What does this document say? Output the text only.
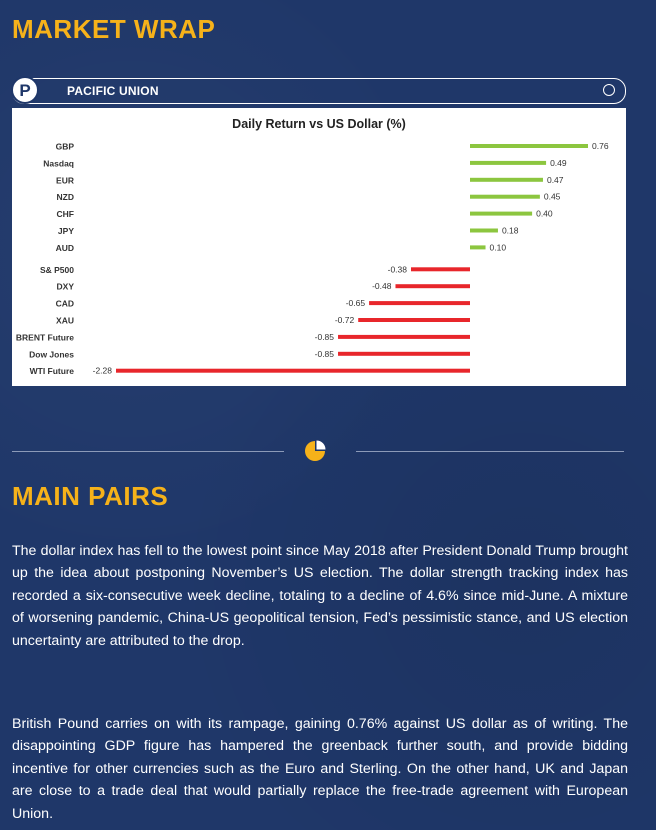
MARKET WRAP
P	PACIFIC UNION
Daily Return vs US Dollar (%)
GBP	0.76
Nasdaq	0.49
EUR	0.47
NZD	0.45
CHF	0.40
JPY	0.18
AUD	0.10
S& P500	-0.38
DXY	-0.48
CAD	-0.65
XAU	-0.72
BRENT Future	-0.85
Dow Jones	-0.85
WTI Future -2.28
MAIN PAIRS

The dollar index has fell to the lowest point since May 2018 after President Donald Trump brought up the idea about postponing November’s US election. The dollar strength tracking index has recorded a six-consecutive week decline, totaling to a decline of 4.6% since mid-June. A mixture of worsening pandemic, China-US geopolitical tension, Fed’s pessimistic stance, and US election uncertainty are attributed to the drop.

British Pound carries on with its rampage, gaining 0.76% against US dollar as of writing. The disappointing GDP figure has hampered the greenback further south, and provide bidding incentive for other currencies such as the Euro and Sterling. On the other hand, UK and Japan are close to a trade deal that would partially replace the free-trade agreement with European Union.
